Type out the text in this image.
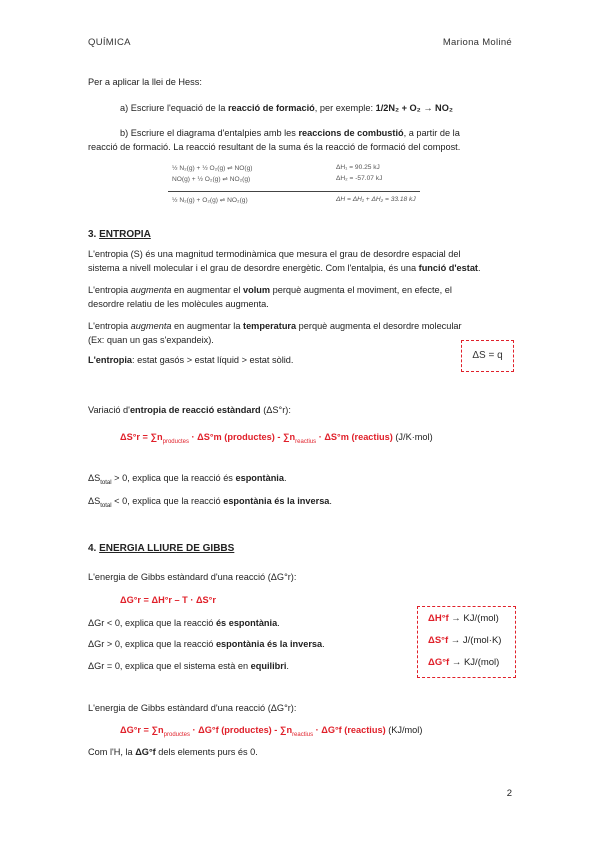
QUÍMICA	Mariona Moliné
Per a aplicar la llei de Hess:
a) Escriure l'equació de la reacció de formació, per exemple: 1/2N₂ + O₂ → NO₂
b) Escriure el diagrama d'entalpies amb les reaccions de combustió, a partir de la
reacció de formació. La reacció resultant de la suma és la reacció de formació del compost.
½ N₂(g) + ½ O₂(g) ⇌ NO(g)	ΔH₁ = 90.25 kJ
NO(g) + ½ O₂(g) ⇌ NO₂(g)	ΔH₂ = -57.07 kJ
½ N₂(g) + O₂(g) ⇌ NO₂(g)	ΔH = ΔH₁ + ΔH₂ = 33.18 kJ
3. ENTROPIA
L'entropia (S) és una magnitud termodinàmica que mesura el grau de desordre espacial del
sistema a nivell molecular i el grau de desordre energètic. Com l'entalpia, és una funció d'estat.
L'entropia augmenta en augmentar el volum perquè augmenta el moviment, en efecte, el
desordre relatiu de les molècules augmenta.
L'entropia augmenta en augmentar la temperatura perquè augmenta el desordre molecular
(Ex: quan un gas s'expandeix).
L'entropia: estat gasós > estat líquid > estat sòlid.	ΔS = q
Variació d'entropia de reacció estàndard (ΔS°r):
$\Delta S^\circ r = \sum n_{productes} \cdot \Delta S^\circ m$ (productes) - $\sum n_{reactius} \cdot \Delta S^\circ m$ (reactius) (J/K·mol)
$\Delta S_{total} > 0$, explica que la reacció és espontània.
$\Delta S_{total} < 0$, explica que la reacció espontània és la inversa.
4. ENERGIA LLIURE DE GIBBS
L'energia de Gibbs estàndard d'una reacció (ΔG°r):
ΔG°r = ΔH°r – T · ΔS°r
ΔGr < 0, explica que la reacció és espontània.
ΔGr > 0, explica que la reacció espontània és la inversa.
ΔGr = 0, explica que el sistema està en equilibri.
ΔH°f → KJ/(mol)
ΔS°f → J/(mol·K)
ΔG°f → KJ/(mol)
L'energia de Gibbs estàndard d'una reacció (ΔG°r):
$\Delta G^\circ r = \sum n_{productes} \cdot \Delta G^\circ f$ (productes) - $\sum n_{reactius} \cdot \Delta G^\circ f$ (reactius) (KJ/mol)
Com l'H, la ΔG°f dels elements purs és 0.
2
